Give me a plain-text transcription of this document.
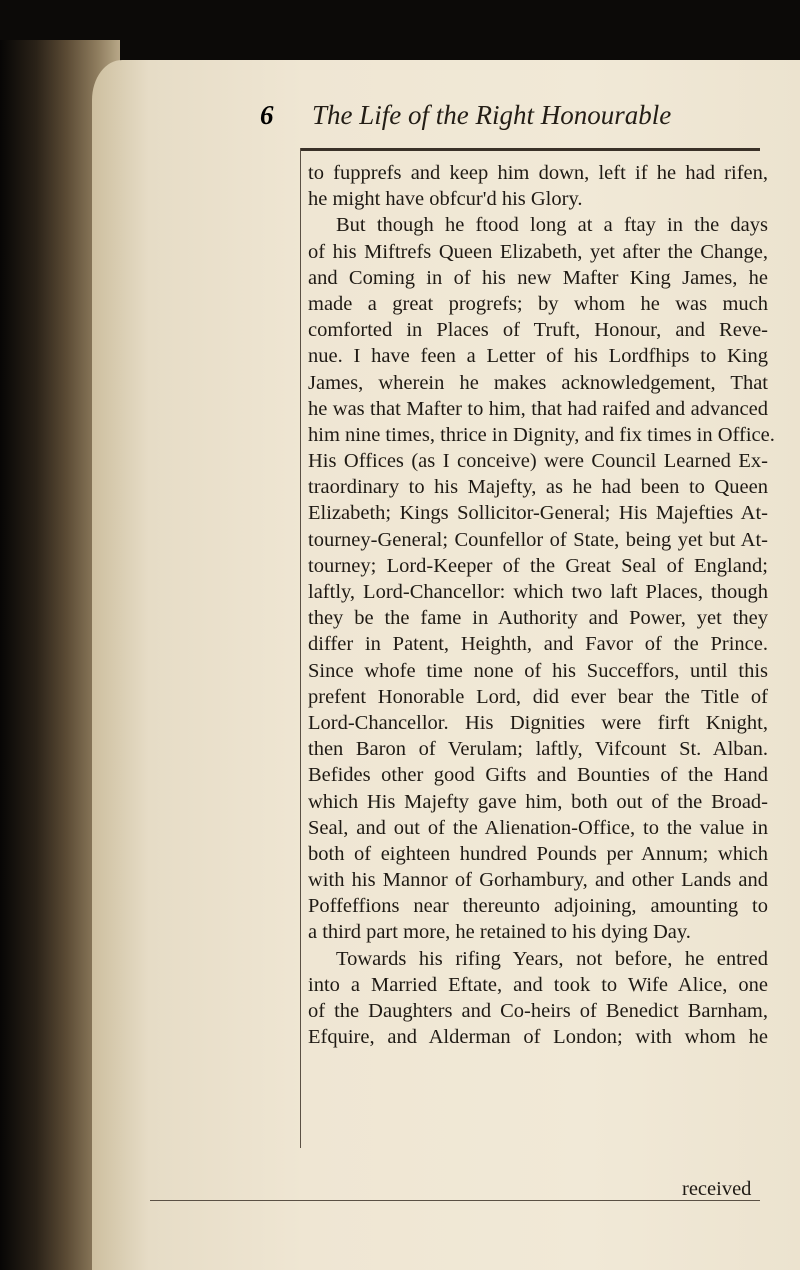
6 The Life of the Right Honourable
to fupprefs and keep him down, left if he had rifen,
he might have obfcur'd his Glory.
But though he ftood long at a ftay in the days
of his Miftrefs Queen Elizabeth, yet after the Change,
and Coming in of his new Mafter King James, he
made a great progrefs; by whom he was much
comforted in Places of Truft, Honour, and Reve-
nue. I have feen a Letter of his Lordfhips to King
James, wherein he makes acknowledgement, That
he was that Mafter to him, that had raifed and advanced
him nine times, thrice in Dignity, and fix times in Office.
His Offices (as I conceive) were Council Learned Ex-
traordinary to his Majefty, as he had been to Queen
Elizabeth; Kings Sollicitor-General; His Majefties At-
tourney-General; Counfellor of State, being yet but At-
tourney; Lord-Keeper of the Great Seal of England;
laftly, Lord-Chancellor: which two laft Places, though
they be the fame in Authority and Power, yet they
differ in Patent, Heighth, and Favor of the Prince.
Since whofe time none of his Succeffors, until this
prefent Honorable Lord, did ever bear the Title of
Lord-Chancellor. His Dignities were firft Knight,
then Baron of Verulam; laftly, Vifcount St. Alban.
Befides other good Gifts and Bounties of the Hand
which His Majefty gave him, both out of the Broad-
Seal, and out of the Alienation-Office, to the value in
both of eighteen hundred Pounds per Annum; which
with his Mannor of Gorhambury, and other Lands and
Poffeffions near thereunto adjoining, amounting to
a third part more, he retained to his dying Day.
Towards his rifing Years, not before, he entred
into a Married Eftate, and took to Wife Alice, one
of the Daughters and Co-heirs of Benedict Barnham,
Efquire, and Alderman of London; with whom he
received
